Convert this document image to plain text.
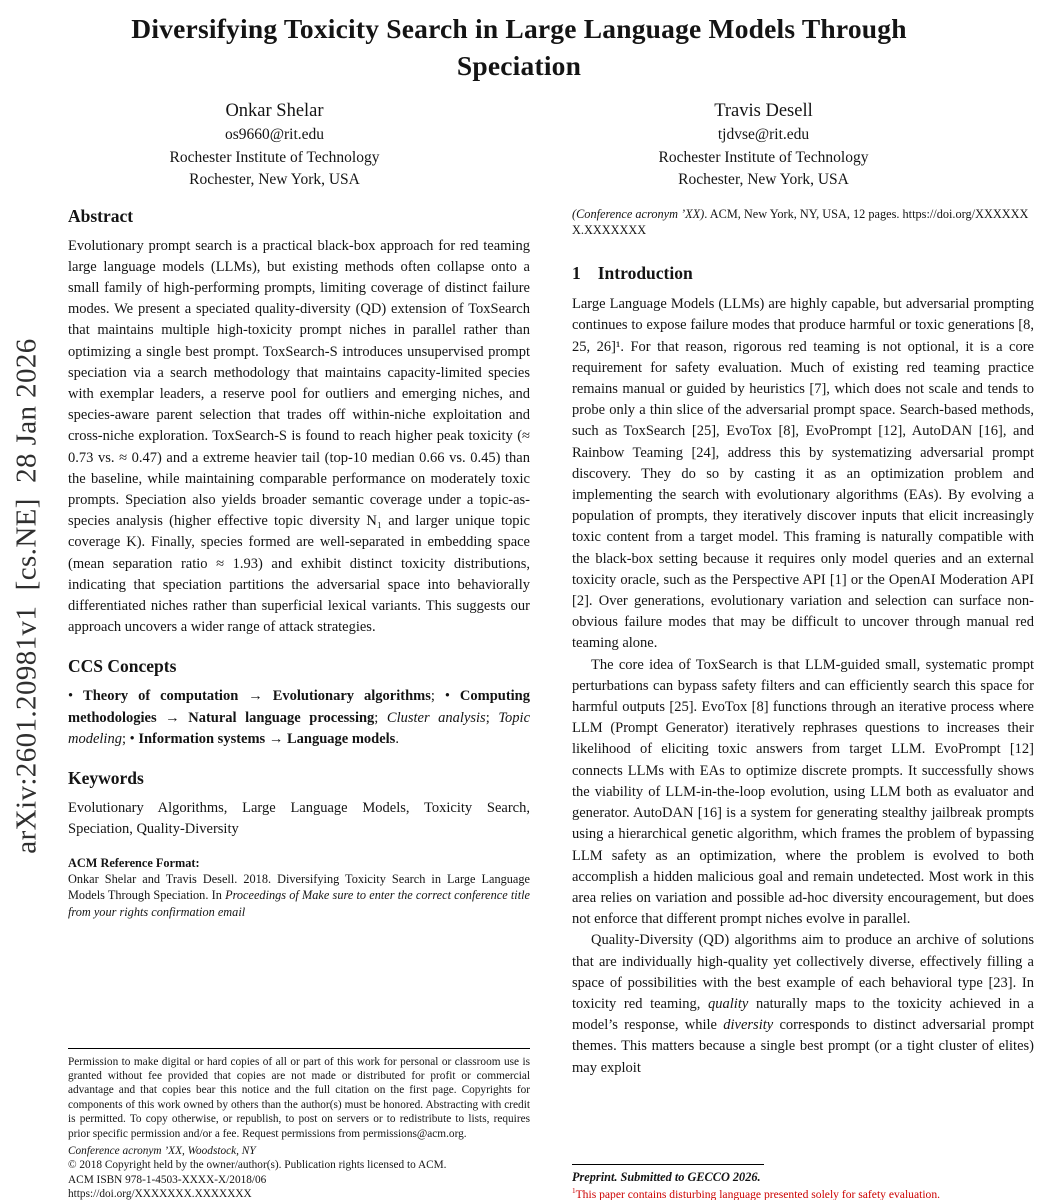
arXiv:2601.20981v1  [cs.NE]  28 Jan 2026
Diversifying Toxicity Search in Large Language Models Through Speciation
Onkar Shelar
os9660@rit.edu
Rochester Institute of Technology
Rochester, New York, USA
Travis Desell
tjdvse@rit.edu
Rochester Institute of Technology
Rochester, New York, USA
Abstract

Evolutionary prompt search is a practical black-box approach for red teaming large language models (LLMs), but existing methods often collapse onto a small family of high-performing prompts, limiting coverage of distinct failure modes. We present a speciated quality-diversity (QD) extension of ToxSearch that maintains multiple high-toxicity prompt niches in parallel rather than optimizing a single best prompt. ToxSearch-S introduces unsupervised prompt speciation via a search methodology that maintains capacity-limited species with exemplar leaders, a reserve pool for outliers and emerging niches, and species-aware parent selection that trades off within-niche exploitation and cross-niche exploration. ToxSearch-S is found to reach higher peak toxicity (≈ 0.73 vs. ≈ 0.47) and a extreme heavier tail (top-10 median 0.66 vs. 0.45) than the baseline, while maintaining comparable performance on moderately toxic prompts. Speciation also yields broader semantic coverage under a topic-as-species analysis (higher effective topic diversity N₁ and larger unique topic coverage K). Finally, species formed are well-separated in embedding space (mean separation ratio ≈ 1.93) and exhibit distinct toxicity distributions, indicating that speciation partitions the adversarial space into behaviorally differentiated niches rather than superficial lexical variants. This suggests our approach uncovers a wider range of attack strategies.

CCS Concepts

• Theory of computation → Evolutionary algorithms; • Computing methodologies → Natural language processing; Cluster analysis; Topic modeling; • Information systems → Language models.

Keywords

Evolutionary Algorithms, Large Language Models, Toxicity Search, Speciation, Quality-Diversity

ACM Reference Format:

Onkar Shelar and Travis Desell. 2018. Diversifying Toxicity Search in Large Language Models Through Speciation. In Proceedings of Make sure to enter the correct conference title from your rights confirmation email

Permission to make digital or hard copies of all or part of this work for personal or classroom use is granted without fee provided that copies are not made or distributed for profit or commercial advantage and that copies bear this notice and the full citation on the first page. Copyrights for components of this work owned by others than the author(s) must be honored. Abstracting with credit is permitted. To copy otherwise, or republish, to post on servers or to redistribute to lists, requires prior specific permission and/or a fee. Request permissions from permissions@acm.org.

Conference acronym ’XX, Woodstock, NY
© 2018 Copyright held by the owner/author(s). Publication rights licensed to ACM.
ACM ISBN 978-1-4503-XXXX-X/2018/06
https://doi.org/XXXXXXX.XXXXXXX

(Conference acronym ’XX). ACM, New York, NY, USA, 12 pages. https://doi.org/XXXXXXX.XXXXXXX

1 Introduction

Large Language Models (LLMs) are highly capable, but adversarial prompting continues to expose failure modes that produce harmful or toxic generations [8, 25, 26]¹. For that reason, rigorous red teaming is not optional, it is a core requirement for safety evaluation. Much of existing red teaming practice remains manual or guided by heuristics [7], which does not scale and tends to probe only a thin slice of the adversarial prompt space. Search-based methods, such as ToxSearch [25], EvoTox [8], EvoPrompt [12], AutoDAN [16], and Rainbow Teaming [24], address this by systematizing adversarial prompt discovery. They do so by casting it as an optimization problem and implementing the search with evolutionary algorithms (EAs). By evolving a population of prompts, they iteratively discover inputs that elicit increasingly toxic content from a target model. This framing is naturally compatible with the black-box setting because it requires only model queries and an external toxicity oracle, such as the Perspective API [1] or the OpenAI Moderation API [2]. Over generations, evolutionary variation and selection can surface non-obvious failure modes that may be difficult to uncover through manual red teaming alone.

The core idea of ToxSearch is that LLM-guided small, systematic prompt perturbations can bypass safety filters and can efficiently search this space for harmful outputs [25]. EvoTox [8] functions through an iterative process where LLM (Prompt Generator) iteratively rephrases questions to increases their likelihood of eliciting toxic answers from target LLM. EvoPrompt [12] connects LLMs with EAs to optimize discrete prompts. It successfully shows the viability of LLM-in-the-loop evolution, using LLM both as evaluator and generator. AutoDAN [16] is a system for generating stealthy jailbreak prompts using a hierarchical genetic algorithm, which frames the problem of bypassing LLM safety as an optimization, where the problem is evolved to both accomplish a hidden malicious goal and remain undetected. Most work in this area relies on variation and possible ad-hoc diversity encouragement, but does not enforce that different prompt niches evolve in parallel.

Quality-Diversity (QD) algorithms aim to produce an archive of solutions that are individually high-quality yet collectively diverse, effectively filling a space of possibilities with the best example of each behavioral type [23]. In toxicity red teaming, quality naturally maps to the toxicity achieved in a model’s response, while diversity corresponds to distinct adversarial prompt themes. This matters because a single best prompt (or a tight cluster of elites) may exploit

Preprint. Submitted to GECCO 2026.
$^1$This paper contains disturbing language presented solely for safety evaluation.
